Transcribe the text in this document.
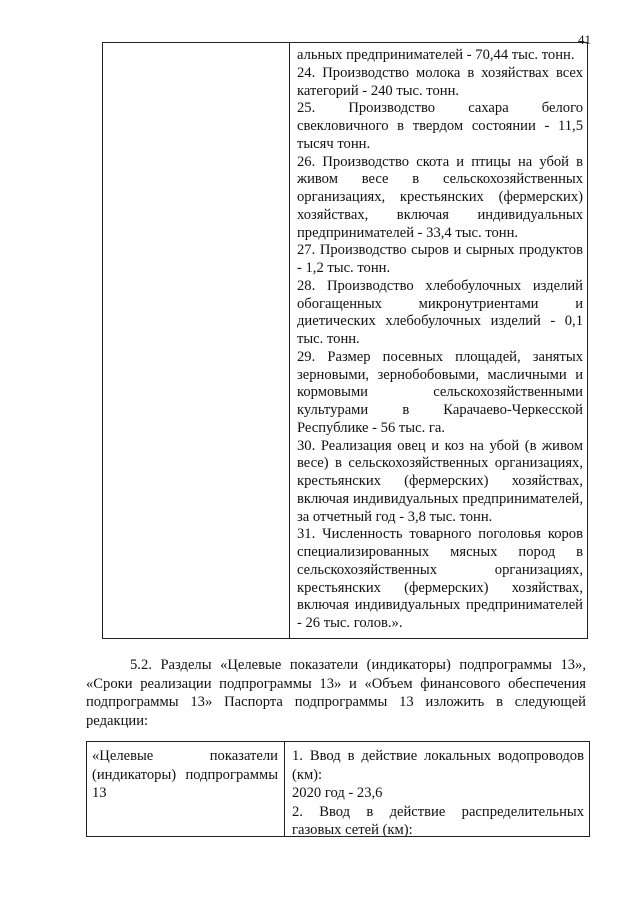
41

альных предпринимателей - 70,44 тыс. тонн.

24. Производство молока в хозяйствах всех категорий - 240 тыс. тонн.

25. Производство сахара белого свекловичного в твердом состоянии - 11,5 тысяч тонн.

26. Производство скота и птицы на убой в живом весе в сельскохозяйственных организациях, крестьянских (фермерских) хозяйствах, включая индивидуальных предпринимателей - 33,4 тыс. тонн.

27. Производство сыров и сырных продуктов - 1,2 тыс. тонн.

28. Производство хлебобулочных изделий обогащенных микронутриентами и диетических хлебобулочных изделий - 0,1 тыс. тонн.

29. Размер посевных площадей, занятых зерновыми, зернобобовыми, масличными и кормовыми сельскохозяйственными культурами в Карачаево-Черкесской Республике - 56 тыс. га.

30. Реализация овец и коз на убой (в живом весе) в сельскохозяйственных организациях, крестьянских (фермерских) хозяйствах, включая индивидуальных предпринимателей, за отчетный год - 3,8 тыс. тонн.

31. Численность товарного поголовья коров специализированных мясных пород в сельскохозяйственных организациях, крестьянских (фермерских) хозяйствах, включая индивидуальных предпринимателей - 26 тыс. голов.».

5.2. Разделы «Целевые показатели (индикаторы) подпрограммы 13», «Сроки реализации подпрограммы 13» и «Объем финансового обеспечения подпрограммы 13» Паспорта подпрограммы 13 изложить в следующей редакции:
«Целевые показатели (индикаторы) подпрограммы 13

1. Ввод в действие локальных водопроводов (км):

2020 год - 23,6

2. Ввод в действие распределительных газовых сетей (км):
